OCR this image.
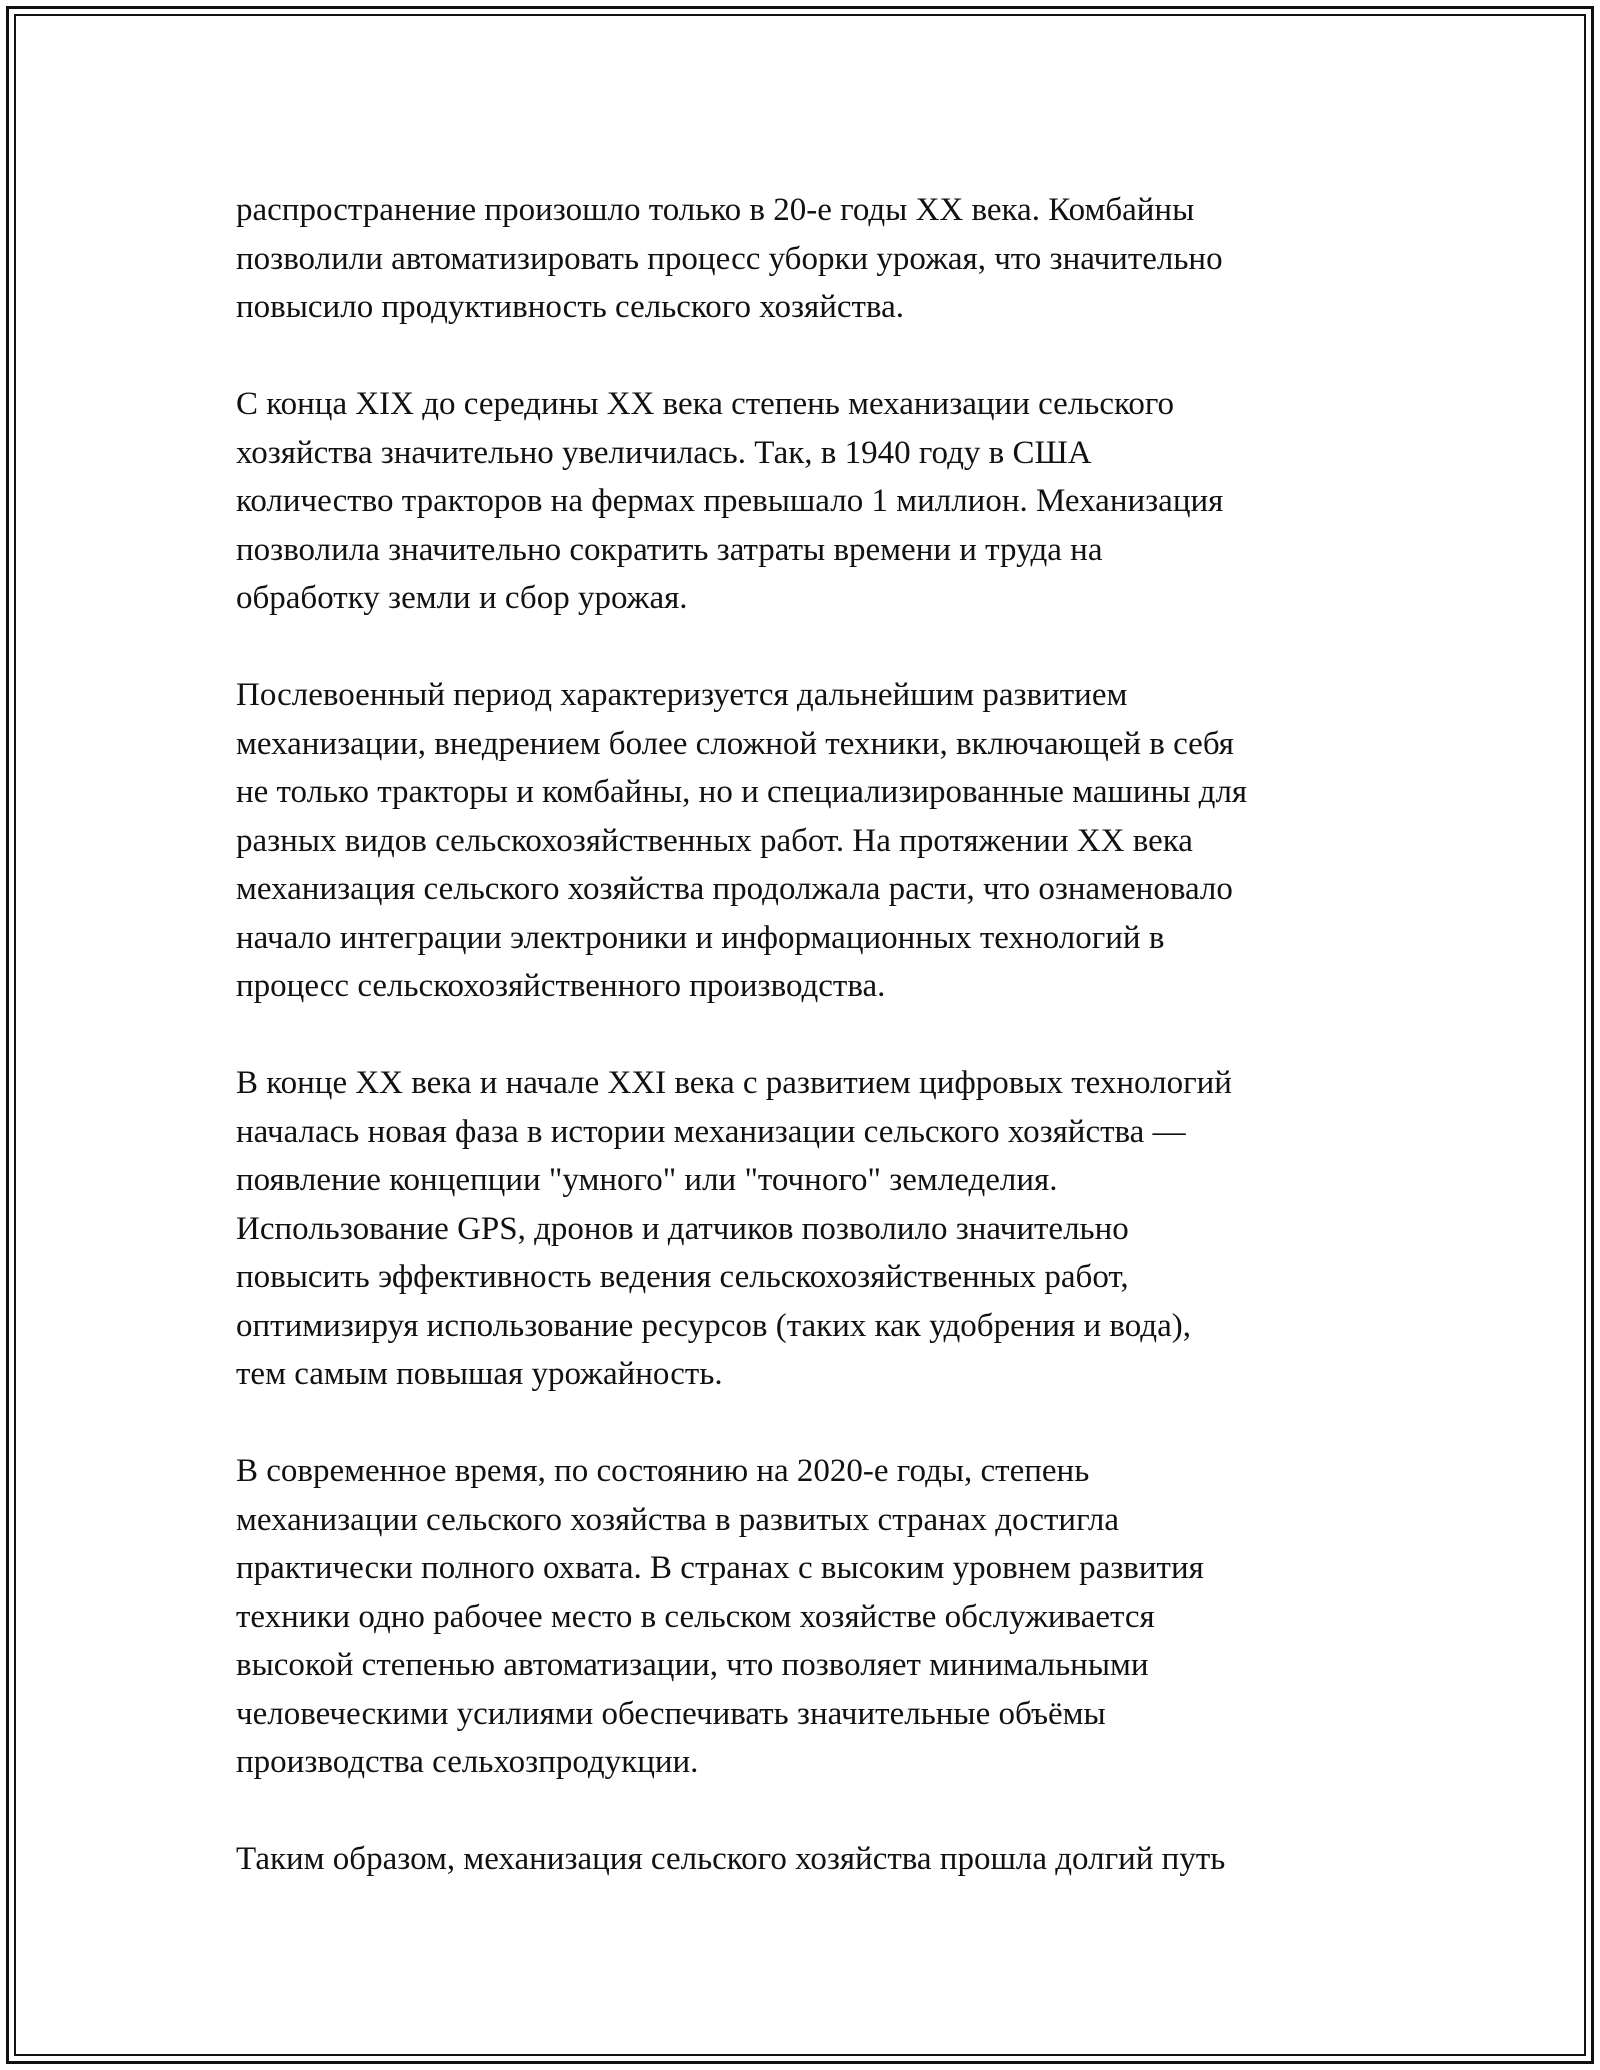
распространение произошло только в 20-е годы XX века. Комбайны
позволили автоматизировать процесс уборки урожая, что значительно
повысило продуктивность сельского хозяйства.

С конца XIX до середины XX века степень механизации сельского
хозяйства значительно увеличилась. Так, в 1940 году в США
количество тракторов на фермах превышало 1 миллион. Механизация
позволила значительно сократить затраты времени и труда на
обработку земли и сбор урожая.

Послевоенный период характеризуется дальнейшим развитием
механизации, внедрением более сложной техники, включающей в себя
не только тракторы и комбайны, но и специализированные машины для
разных видов сельскохозяйственных работ. На протяжении XX века
механизация сельского хозяйства продолжала расти, что ознаменовало
начало интеграции электроники и информационных технологий в
процесс сельскохозяйственного производства.

В конце XX века и начале XXI века с развитием цифровых технологий
началась новая фаза в истории механизации сельского хозяйства —
появление концепции "умного" или "точного" земледелия.
Использование GPS, дронов и датчиков позволило значительно
повысить эффективность ведения сельскохозяйственных работ,
оптимизируя использование ресурсов (таких как удобрения и вода),
тем самым повышая урожайность.

В современное время, по состоянию на 2020-е годы, степень
механизации сельского хозяйства в развитых странах достигла
практически полного охвата. В странах с высоким уровнем развития
техники одно рабочее место в сельском хозяйстве обслуживается
высокой степенью автоматизации, что позволяет минимальными
человеческими усилиями обеспечивать значительные объёмы
производства сельхозпродукции.

Таким образом, механизация сельского хозяйства прошла долгий путь
